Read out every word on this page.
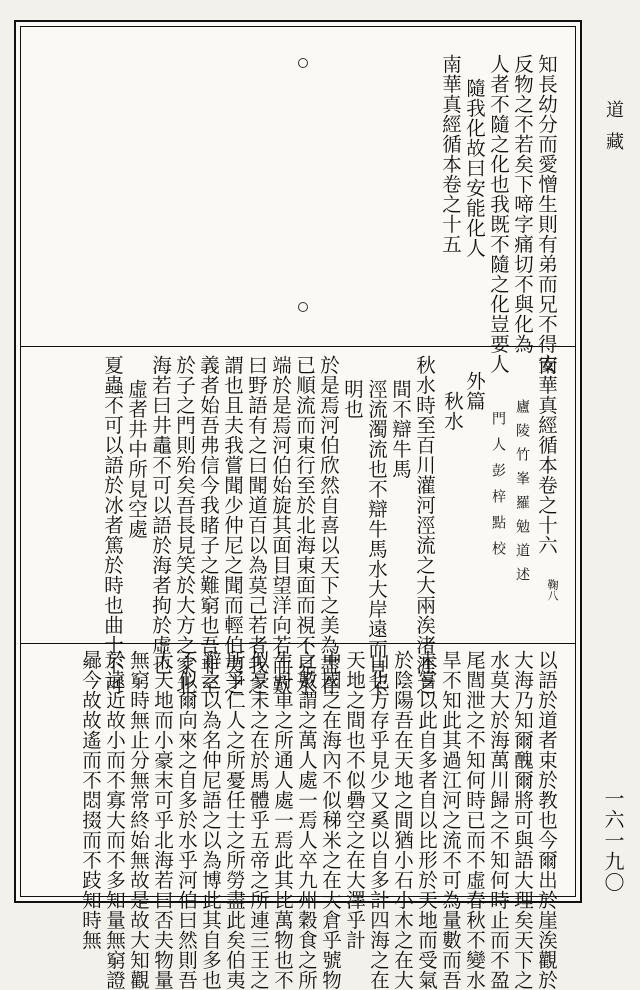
道藏
一六一九〇
知長幼分而愛憎生則有弟而兄不得安
反物之不若矣下啼字痛切不與化為
人者不隨之化也我既不隨之化豈要人
隨我化故曰安能化人
南華真經循本卷之十五
南華真經循本卷之十六
鞠八
廬陵竹峯羅勉道述
門人彭梓點校
外篇
秋水
秋水時至百川灌河涇流之大兩涘渚涯之
間不辯牛馬
涇流濁流也不辯牛馬水大岸遠而見不
明也
於是焉河伯欣然自喜以天下之美為盡在
已順流而東行至於北海東面而視不見水
端於是焉河伯始旋其面目望洋向若而歎
曰野語有之曰聞道百以為莫己若者我之
謂也且夫我嘗聞少仲尼之聞而輕伯夷之
義者始吾弗信今我睹子之難窮也吾非至
於子之門則殆矣吾長見笑於大方之家北
海若曰井鼃不可以語於海者拘於虛也
虛者井中所見空處
夏蟲不可以語於冰者篤於時也曲士不可
以語於道者束於教也今爾出於崖涘觀於
大海乃知爾醜爾將可與語大理矣天下之
水莫大於海萬川歸之不知何時止而不盈
尾閭泄之不知何時已而不虛春秋不變水
旱不知此其過江河之流不可為量數而吾
未嘗以此自多者自以比形於天地而受氣
於陰陽吾在天地之間猶小石小木之在大
山也方存乎見少又奚以自多計四海之在
天地之間也不似礨空之在大澤乎計
中國之在海內不似稊米之在大倉乎號物
之數謂之萬人處一焉人卒九州穀食之所
生舟車之所通人處一焉此其比萬物也不
似豪末之在於馬體乎五帝之所連三王之
所爭仁人之所憂任士之所勞盡此矣伯夷
辭之以為名仲尼語之以為博此其自多也
不似爾向來之自多於水乎河伯曰然則吾
大天地而小豪末可乎北海若曰否夫物量
無窮時無止分無常終始無故是故大知觀
於遠近故小而不寡大而不多知量無窮證
曏今故故遙而不悶掇而不跂知時無
